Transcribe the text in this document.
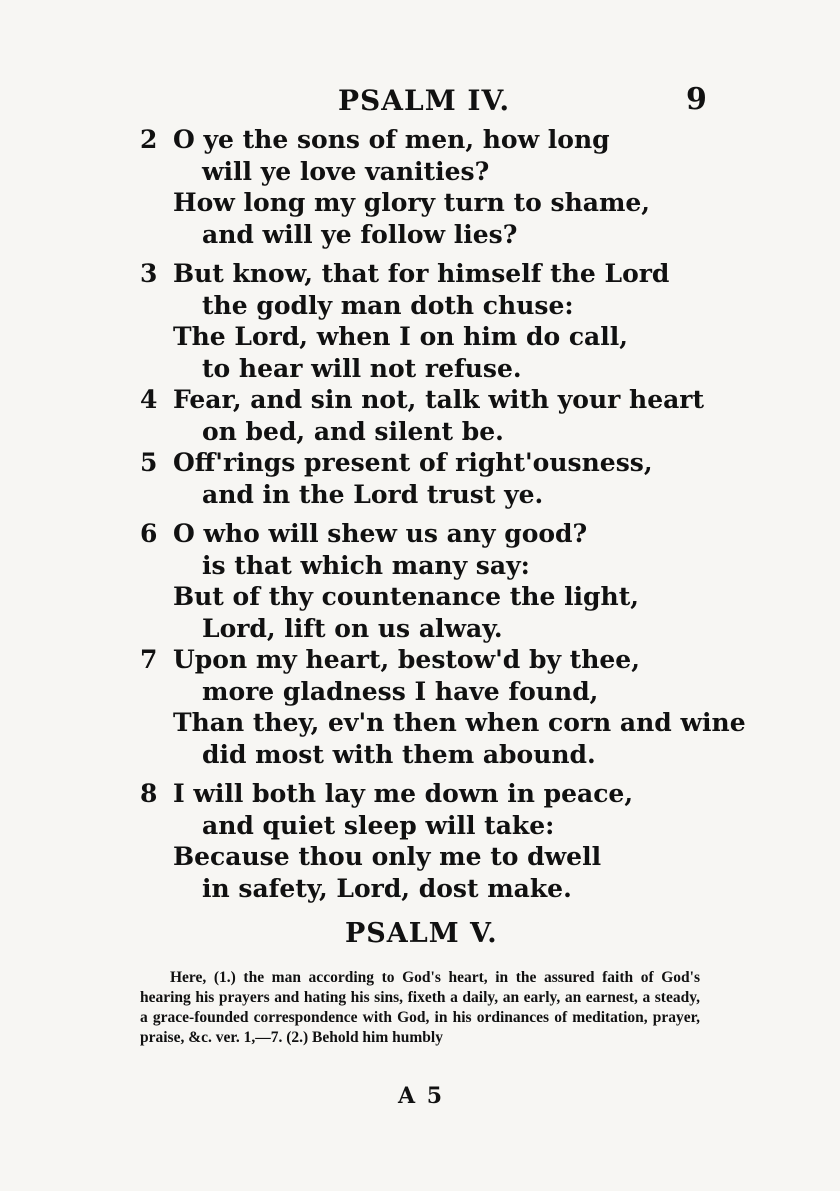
PSALM IV.	9
2 O ye the sons of men, how long
will ye love vanities?
How long my glory turn to shame,
and will ye follow lies?
3 But know, that for himself the Lord
the godly man doth chuse:
The Lord, when I on him do call,
to hear will not refuse.
4 Fear, and sin not, talk with your heart
on bed, and silent be.
5 Off'rings present of right'ousness,
and in the Lord trust ye.
6 O who will shew us any good?
is that which many say:
But of thy countenance the light,
Lord, lift on us alway.
7 Upon my heart, bestow'd by thee,
more gladness I have found,
Than they, ev'n then when corn and wine
did most with them abound.
8 I will both lay me down in peace,
and quiet sleep will take:
Because thou only me to dwell
in safety, Lord, dost make.
PSALM V.

Here, (1.) the man according to God's heart, in the assured faith of God's hearing his prayers and hating his sins, fixeth a daily, an early, an earnest, a steady, a grace-founded correspondence with God, in his ordinances of meditation, prayer, praise, &c. ver. 1,—7. (2.) Behold him humbly

A 5
